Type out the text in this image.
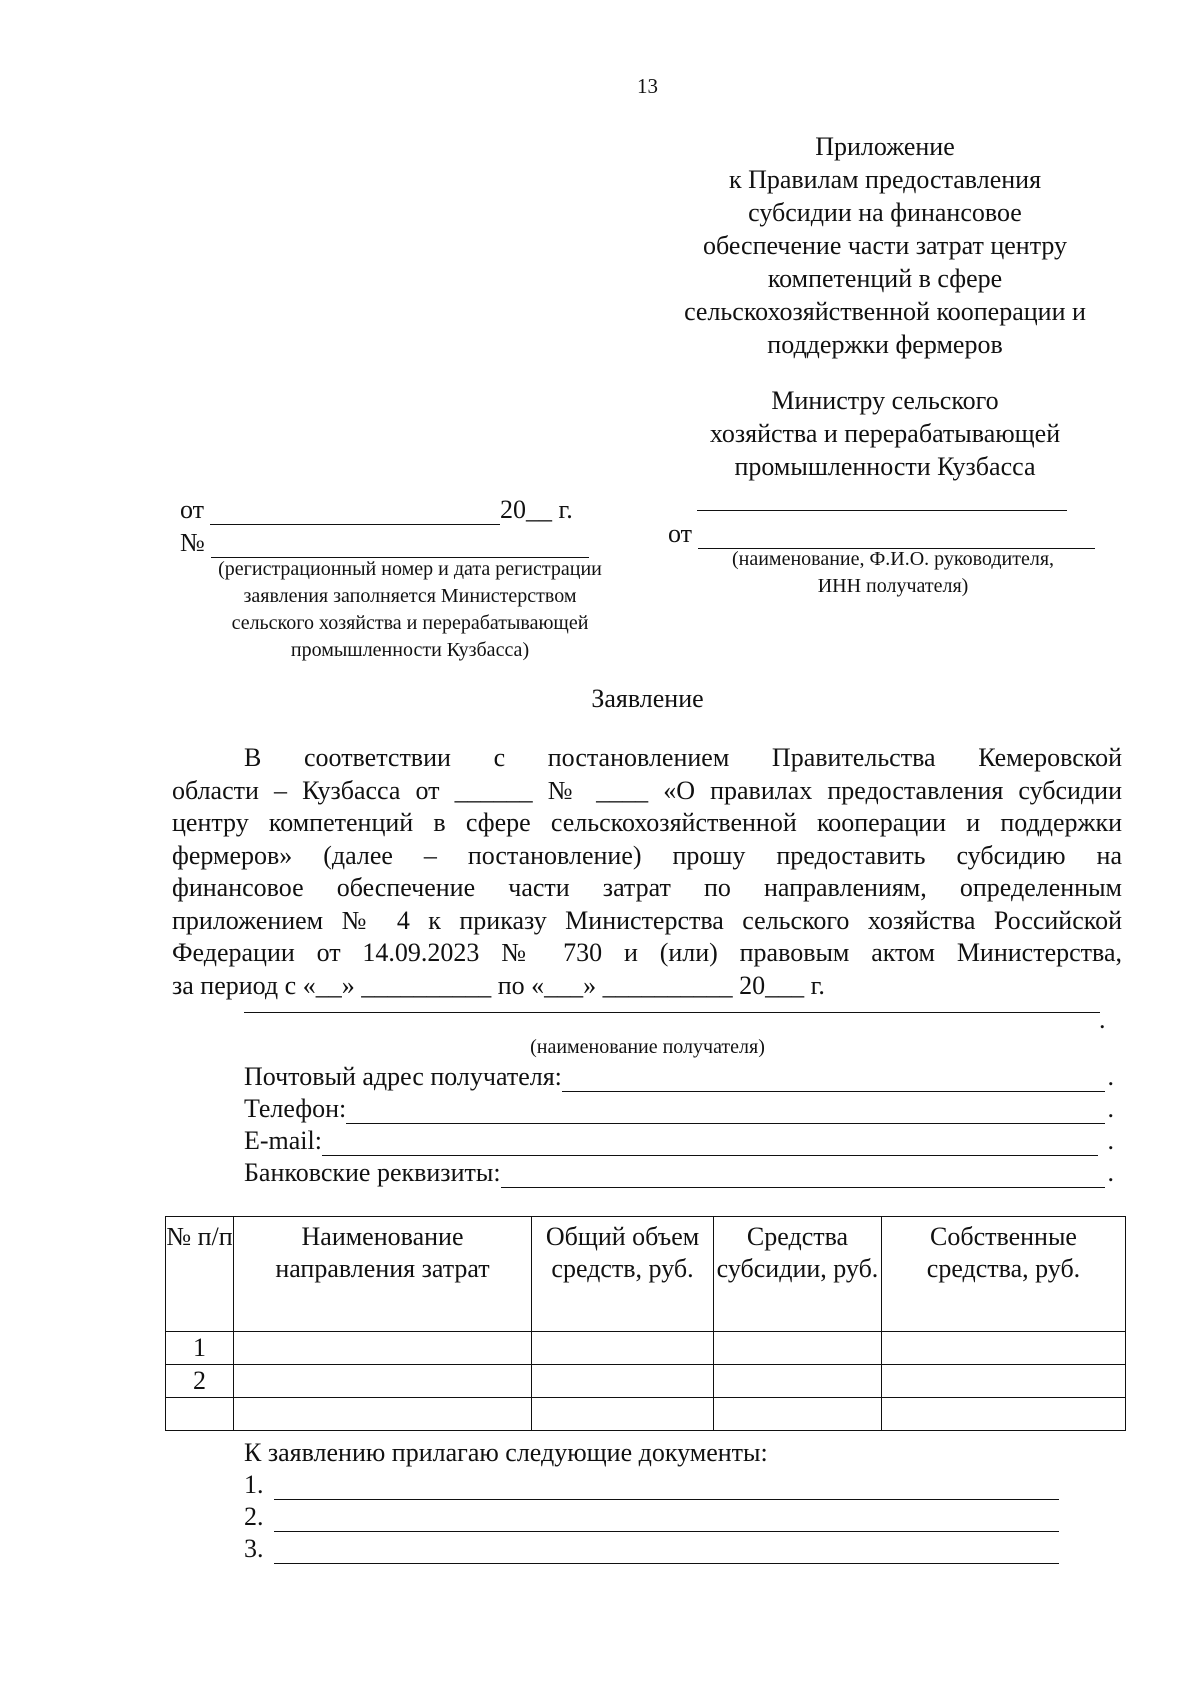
13
Приложение
к Правилам предоставления
субсидии на финансовое
обеспечение части затрат центру
компетенций в сфере
сельскохозяйственной кооперации и
поддержки фермеров
Министру сельского
хозяйства и перерабатывающей
промышленности Кузбасса
от	20__ г.
№
(регистрационный номер и дата регистрации
заявления заполняется Министерством
сельского хозяйства и перерабатывающей
промышленности Кузбасса)
от
(наименование, Ф.И.О. руководителя,
ИНН получателя)
Заявление
В соответствии с постановлением Правительства Кемеровской
области – Кузбасса от ______ № ____ «О правилах предоставления субсидии
центру компетенций в сфере сельскохозяйственной кооперации и поддержки
фермеров» (далее – постановление) прошу предоставить субсидию на
финансовое обеспечение части затрат по направлениям, определенным
приложением № 4 к приказу Министерства сельского хозяйства Российской
Федерации от 14.09.2023 № 730 и (или) правовым актом Министерства,
за период с «__» __________ по «___» __________ 20___ г.
.
(наименование получателя)
Почтовый адрес получателя:	.
Телефон:	.
E-mail:	.
Банковские реквизиты:	.
№ п/п	Наименование направления затрат	Общий объем средств, руб.	Средства субсидии, руб.	Собственные средства, руб.
1				
2				

К заявлению прилагаю следующие документы:
1.
2.
3.
